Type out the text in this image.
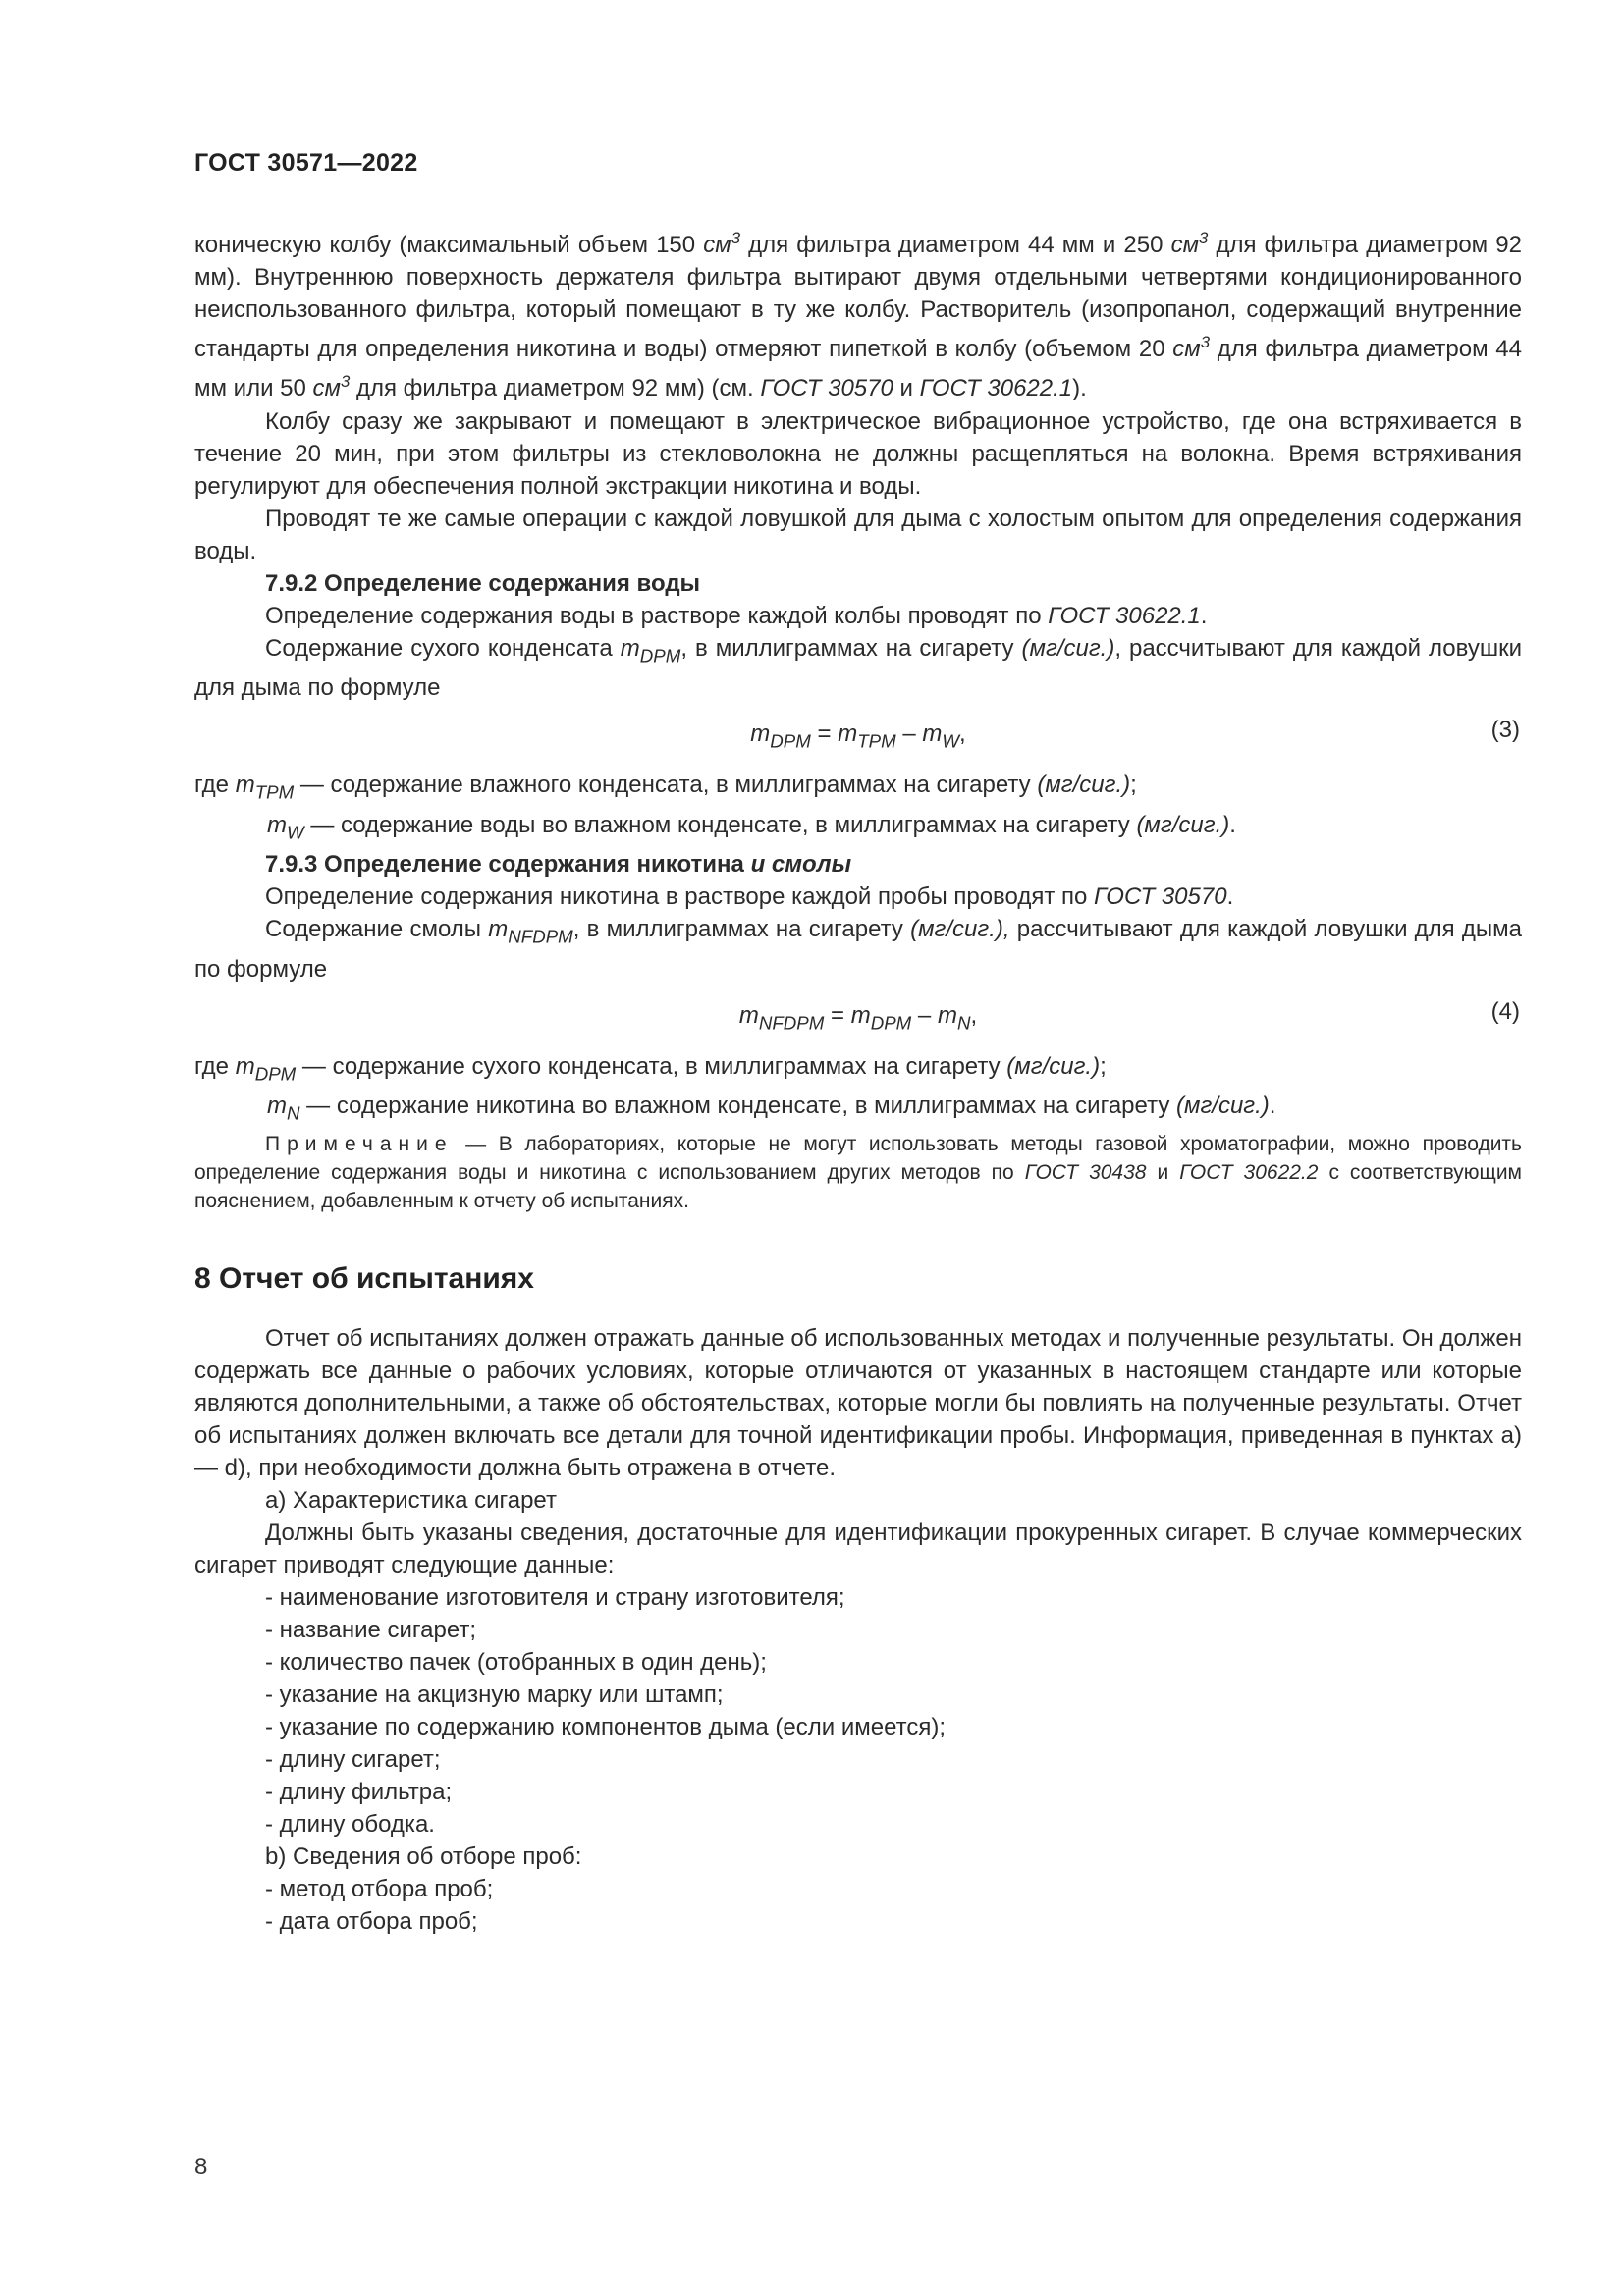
ГОСТ 30571—2022

коническую колбу (максимальный объем 150 $см^3$ для фильтра диаметром 44 мм и 250 $см^3$ для фильтра диаметром 92 мм). Внутреннюю поверхность держателя фильтра вытирают двумя отдельными четвертями кондиционированного неиспользованного фильтра, который помещают в ту же колбу. Растворитель (изопропанол, содержащий внутренние стандарты для определения никотина и воды) отмеряют пипеткой в колбу (объемом 20 $см^3$ для фильтра диаметром 44 мм или 50 $см^3$ для фильтра диаметром 92 мм) (см. ГОСТ 30570 и ГОСТ 30622.1).

Колбу сразу же закрывают и помещают в электрическое вибрационное устройство, где она встряхивается в течение 20 мин, при этом фильтры из стекловолокна не должны расщепляться на волокна. Время встряхивания регулируют для обеспечения полной экстракции никотина и воды.

Проводят те же самые операции с каждой ловушкой для дыма с холостым опытом для определения содержания воды.

7.9.2 Определение содержания воды

Определение содержания воды в растворе каждой колбы проводят по ГОСТ 30622.1.

Содержание сухого конденсата $m_{DPM}$, в миллиграммах на сигарету (мг/сиг.), рассчитывают для каждой ловушки для дыма по формуле

$m_{DPM} = m_{TPM} - m_W$,	(3)

где $m_{TPM}$ — содержание влажного конденсата, в миллиграммах на сигарету (мг/сиг.);

$m_W$ — содержание воды во влажном конденсате, в миллиграммах на сигарету (мг/сиг.).

7.9.3 Определение содержания никотина и смолы

Определение содержания никотина в растворе каждой пробы проводят по ГОСТ 30570.

Содержание смолы $m_{NFDPM}$, в миллиграммах на сигарету (мг/сиг.), рассчитывают для каждой ловушки для дыма по формуле

$m_{NFDPM} = m_{DPM} - m_N$,	(4)

где $m_{DPM}$ — содержание сухого конденсата, в миллиграммах на сигарету (мг/сиг.);

$m_N$ — содержание никотина во влажном конденсате, в миллиграммах на сигарету (мг/сиг.).

Примечание — В лабораториях, которые не могут использовать методы газовой хроматографии, можно проводить определение содержания воды и никотина с использованием других методов по ГОСТ 30438 и ГОСТ 30622.2 с соответствующим пояснением, добавленным к отчету об испытаниях.

8 Отчет об испытаниях

Отчет об испытаниях должен отражать данные об использованных методах и полученные результаты. Он должен содержать все данные о рабочих условиях, которые отличаются от указанных в настоящем стандарте или которые являются дополнительными, а также об обстоятельствах, которые могли бы повлиять на полученные результаты. Отчет об испытаниях должен включать все детали для точной идентификации пробы. Информация, приведенная в пунктах а) — d), при необходимости должна быть отражена в отчете.

а) Характеристика сигарет

Должны быть указаны сведения, достаточные для идентификации прокуренных сигарет. В случае коммерческих сигарет приводят следующие данные:

- наименование изготовителя и страну изготовителя;
- название сигарет;
- количество пачек (отобранных в один день);
- указание на акцизную марку или штамп;
- указание по содержанию компонентов дыма (если имеется);
- длину сигарет;
- длину фильтра;
- длину ободка.

b) Сведения об отборе проб:

- метод отбора проб;
- дата отбора проб;
8
